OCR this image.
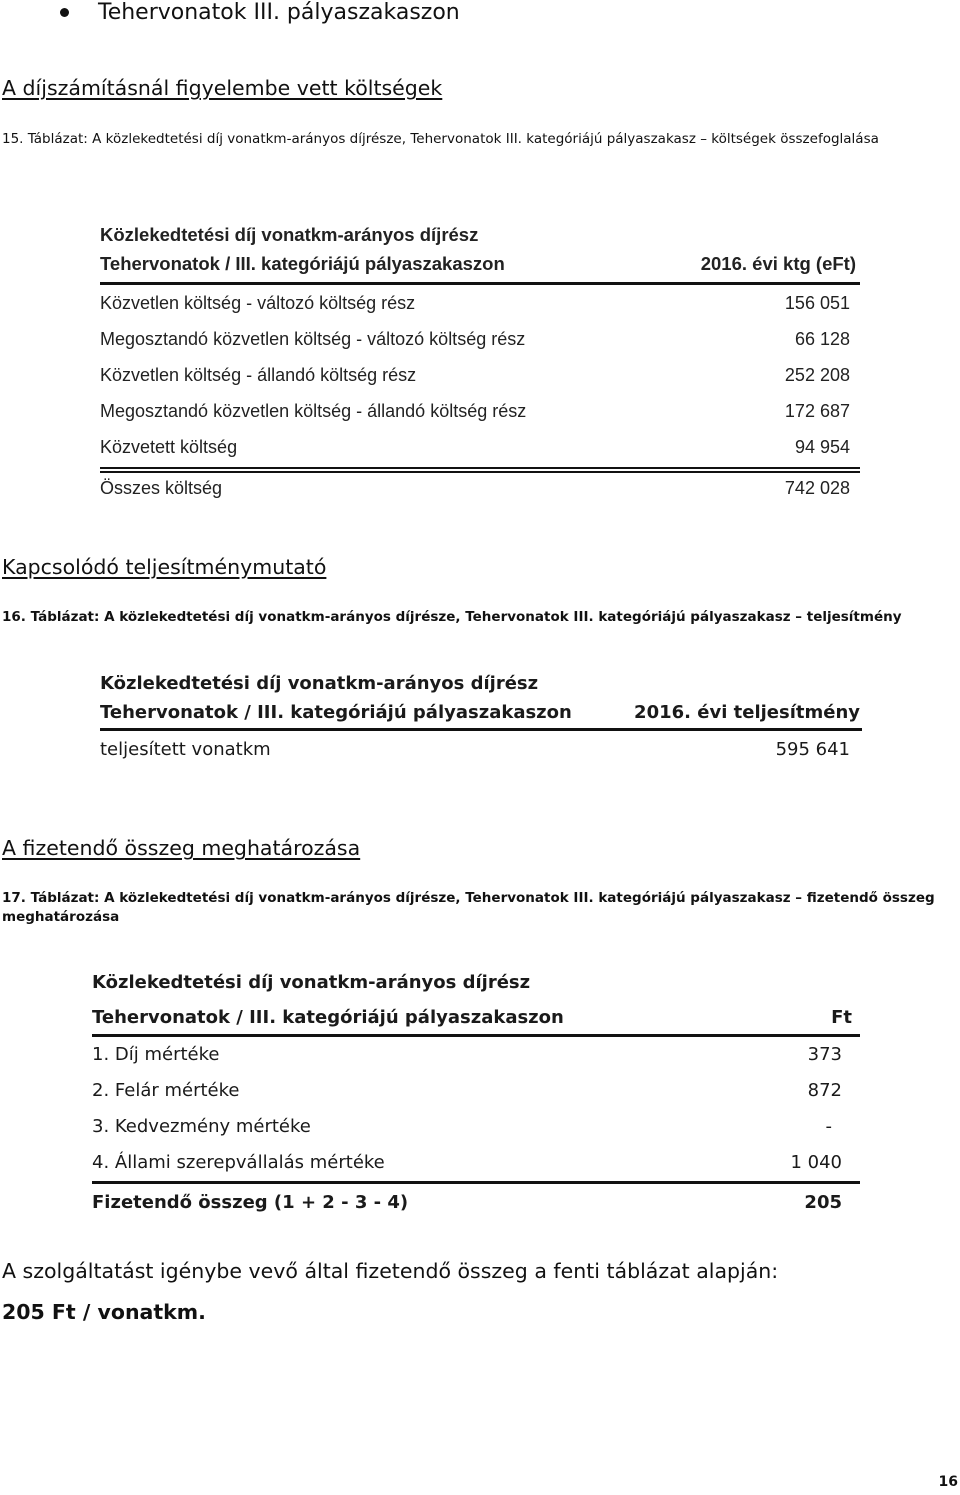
Tehervonatok III. pályaszakaszon
A díjszámításnál figyelembe vett költségek
15. Táblázat: A közlekedtetési díj vonatkm-arányos díjrésze, Tehervonatok III. kategóriájú pályaszakasz – költségek összefoglalása
Közlekedtetési díj vonatkm-arányos díjrész
Tehervonatok / III. kategóriájú pályaszakaszon	2016. évi ktg (eFt)
Közvetlen költség - változó költség rész	156 051
Megosztandó közvetlen költség - változó költség rész	66 128
Közvetlen költség - állandó költség rész	252 208
Megosztandó közvetlen költség - állandó költség rész	172 687
Közvetett költség	94 954
Összes költség	742 028
Kapcsolódó teljesítménymutató
16. Táblázat: A közlekedtetési díj vonatkm-arányos díjrésze, Tehervonatok III. kategóriájú pályaszakasz – teljesítmény
Közlekedtetési díj vonatkm-arányos díjrész
Tehervonatok / III. kategóriájú pályaszakaszon	2016. évi teljesítmény
teljesített vonatkm	595 641
A fizetendő összeg meghatározása
17. Táblázat: A közlekedtetési díj vonatkm-arányos díjrésze, Tehervonatok III. kategóriájú pályaszakasz – fizetendő összeg meghatározása
Közlekedtetési díj vonatkm-arányos díjrész
Tehervonatok / III. kategóriájú pályaszakaszon	Ft
1. Díj mértéke	373
2. Felár mértéke	872
3. Kedvezmény mértéke	-
4. Állami szerepvállalás mértéke	1 040
Fizetendő összeg (1 + 2 - 3 - 4)	205
A szolgáltatást igénybe vevő által fizetendő összeg a fenti táblázat alapján:
205 Ft / vonatkm.
16
